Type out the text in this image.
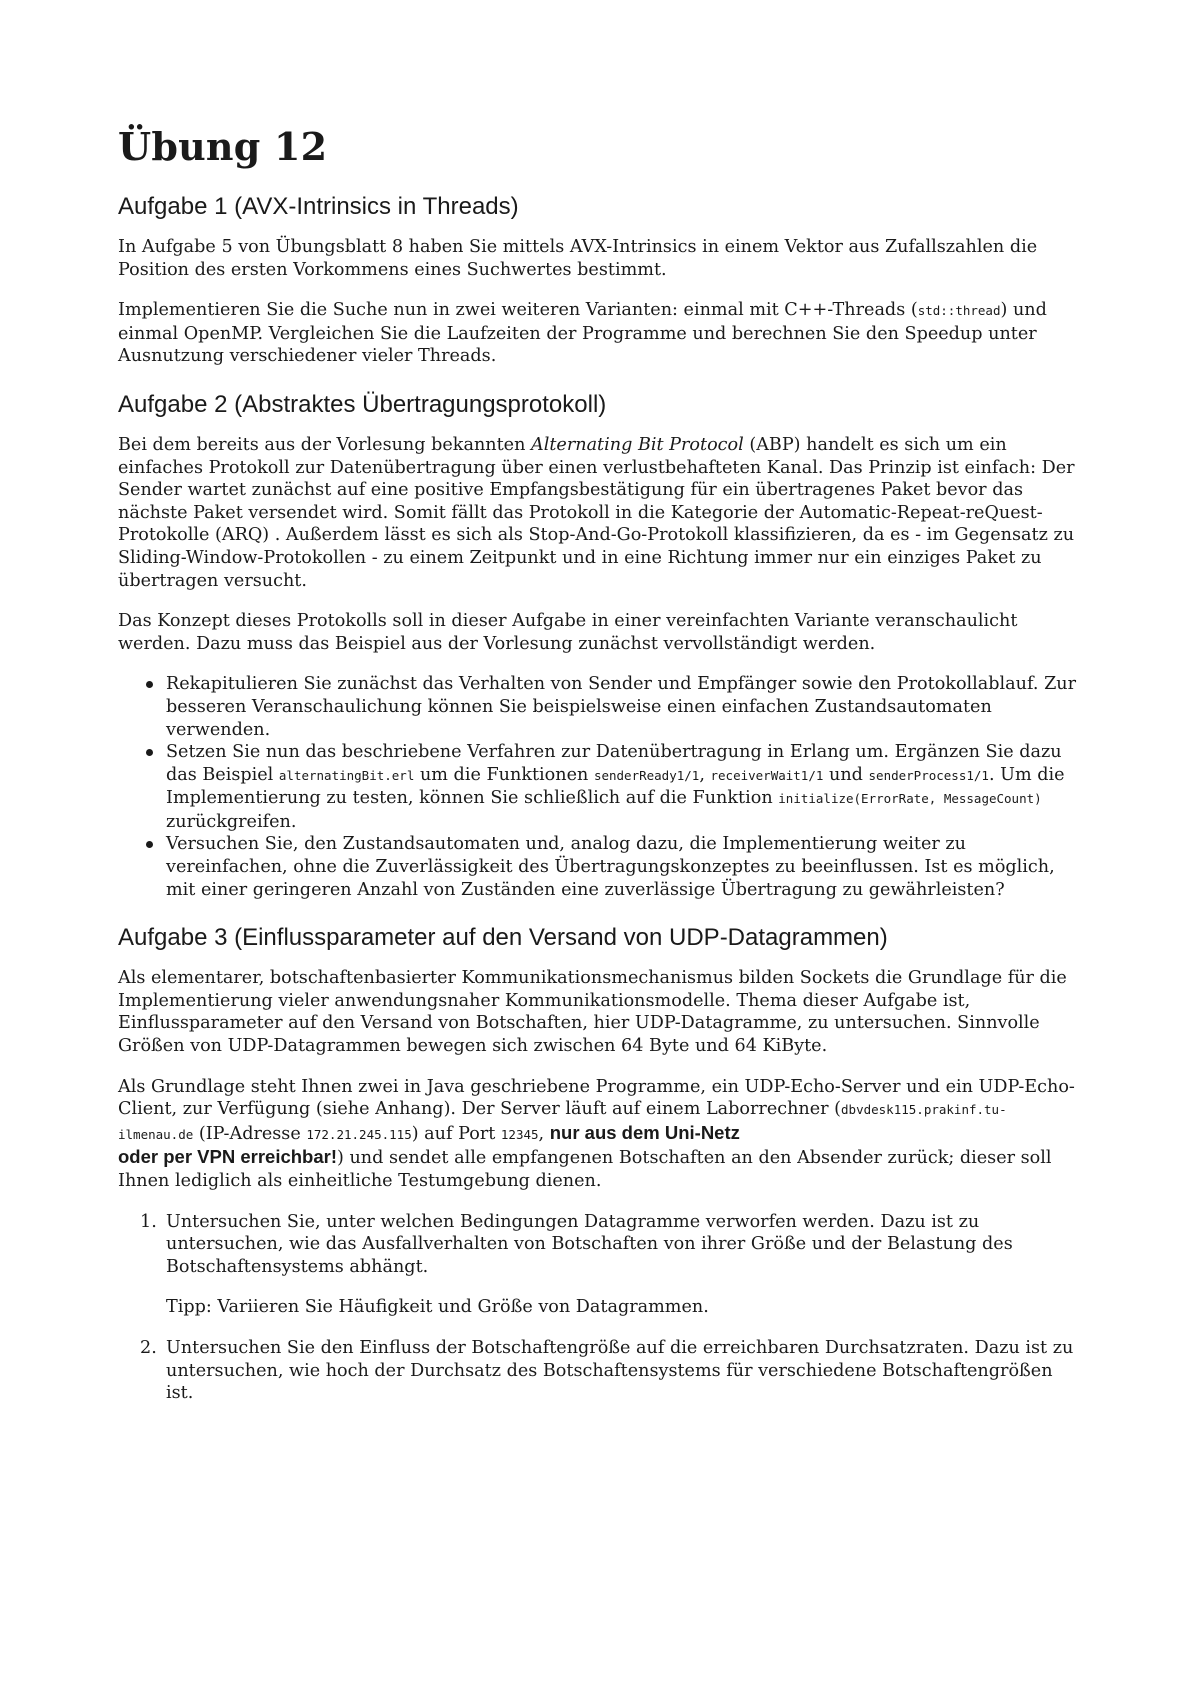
Übung 12
Aufgabe 1 (AVX-Intrinsics in Threads)

In Aufgabe 5 von Übungsblatt 8 haben Sie mittels AVX-Intrinsics in einem Vektor aus Zufallszahlen die Position des ersten Vorkommens eines Suchwertes bestimmt.

Implementieren Sie die Suche nun in zwei weiteren Varianten: einmal mit C++-Threads (std::thread) und einmal OpenMP. Vergleichen Sie die Laufzeiten der Programme und berechnen Sie den Speedup unter Ausnutzung verschiedener vieler Threads.

Aufgabe 2 (Abstraktes Übertragungsprotokoll)

Bei dem bereits aus der Vorlesung bekannten Alternating Bit Protocol (ABP) handelt es sich um ein einfaches Protokoll zur Datenübertragung über einen verlustbehafteten Kanal. Das Prinzip ist einfach: Der Sender wartet zunächst auf eine positive Empfangsbestätigung für ein übertragenes Paket bevor das nächste Paket versendet wird. Somit fällt das Protokoll in die Kategorie der Automatic-Repeat-reQuest-Protokolle (ARQ) . Außerdem lässt es sich als Stop-And-Go-Protokoll klassifizieren, da es - im Gegensatz zu Sliding-Window-Protokollen - zu einem Zeitpunkt und in eine Richtung immer nur ein einziges Paket zu übertragen versucht.

Das Konzept dieses Protokolls soll in dieser Aufgabe in einer vereinfachten Variante veranschaulicht werden. Dazu muss das Beispiel aus der Vorlesung zunächst vervollständigt werden.

Rekapitulieren Sie zunächst das Verhalten von Sender und Empfänger sowie den Protokollablauf. Zur besseren Veranschaulichung können Sie beispielsweise einen einfachen Zustandsautomaten verwenden.
Setzen Sie nun das beschriebene Verfahren zur Datenübertragung in Erlang um. Ergänzen Sie dazu das Beispiel alternatingBit.erl um die Funktionen senderReady1/1, receiverWait1/1 und senderProcess1/1. Um die Implementierung zu testen, können Sie schließlich auf die Funktion initialize(ErrorRate, MessageCount) zurückgreifen.
Versuchen Sie, den Zustandsautomaten und, analog dazu, die Implementierung weiter zu vereinfachen, ohne die Zuverlässigkeit des Übertragungskonzeptes zu beeinflussen. Ist es möglich, mit einer geringeren Anzahl von Zuständen eine zuverlässige Übertragung zu gewährleisten?
Aufgabe 3 (Einflussparameter auf den Versand von UDP-Datagrammen)

Als elementarer, botschaftenbasierter Kommunikationsmechanismus bilden Sockets die Grundlage für die Implementierung vieler anwendungsnaher Kommunikationsmodelle. Thema dieser Aufgabe ist, Einflussparameter auf den Versand von Botschaften, hier UDP-Datagramme, zu untersuchen. Sinnvolle Größen von UDP-Datagrammen bewegen sich zwischen 64 Byte und 64 KiByte.

Als Grundlage steht Ihnen zwei in Java geschriebene Programme, ein UDP-Echo-Server und ein UDP-Echo-Client, zur Verfügung (siehe Anhang). Der Server läuft auf einem Laborrechner (dbvdesk115.prakinf.tu-ilmenau.de (IP-Adresse 172.21.245.115) auf Port 12345, nur aus dem Uni-Netz
oder per VPN erreichbar!) und sendet alle empfangenen Botschaften an den Absender zurück; dieser soll Ihnen lediglich als einheitliche Testumgebung dienen.

1. Untersuchen Sie, unter welchen Bedingungen Datagramme verworfen werden. Dazu ist zu untersuchen, wie das Ausfallverhalten von Botschaften von ihrer Größe und der Belastung des Botschaftensystems abhängt.

Tipp: Variieren Sie Häufigkeit und Größe von Datagrammen.

2. Untersuchen Sie den Einfluss der Botschaftengröße auf die erreichbaren Durchsatzraten. Dazu ist zu untersuchen, wie hoch der Durchsatz des Botschaftensystems für verschiedene Botschaftengrößen ist.
